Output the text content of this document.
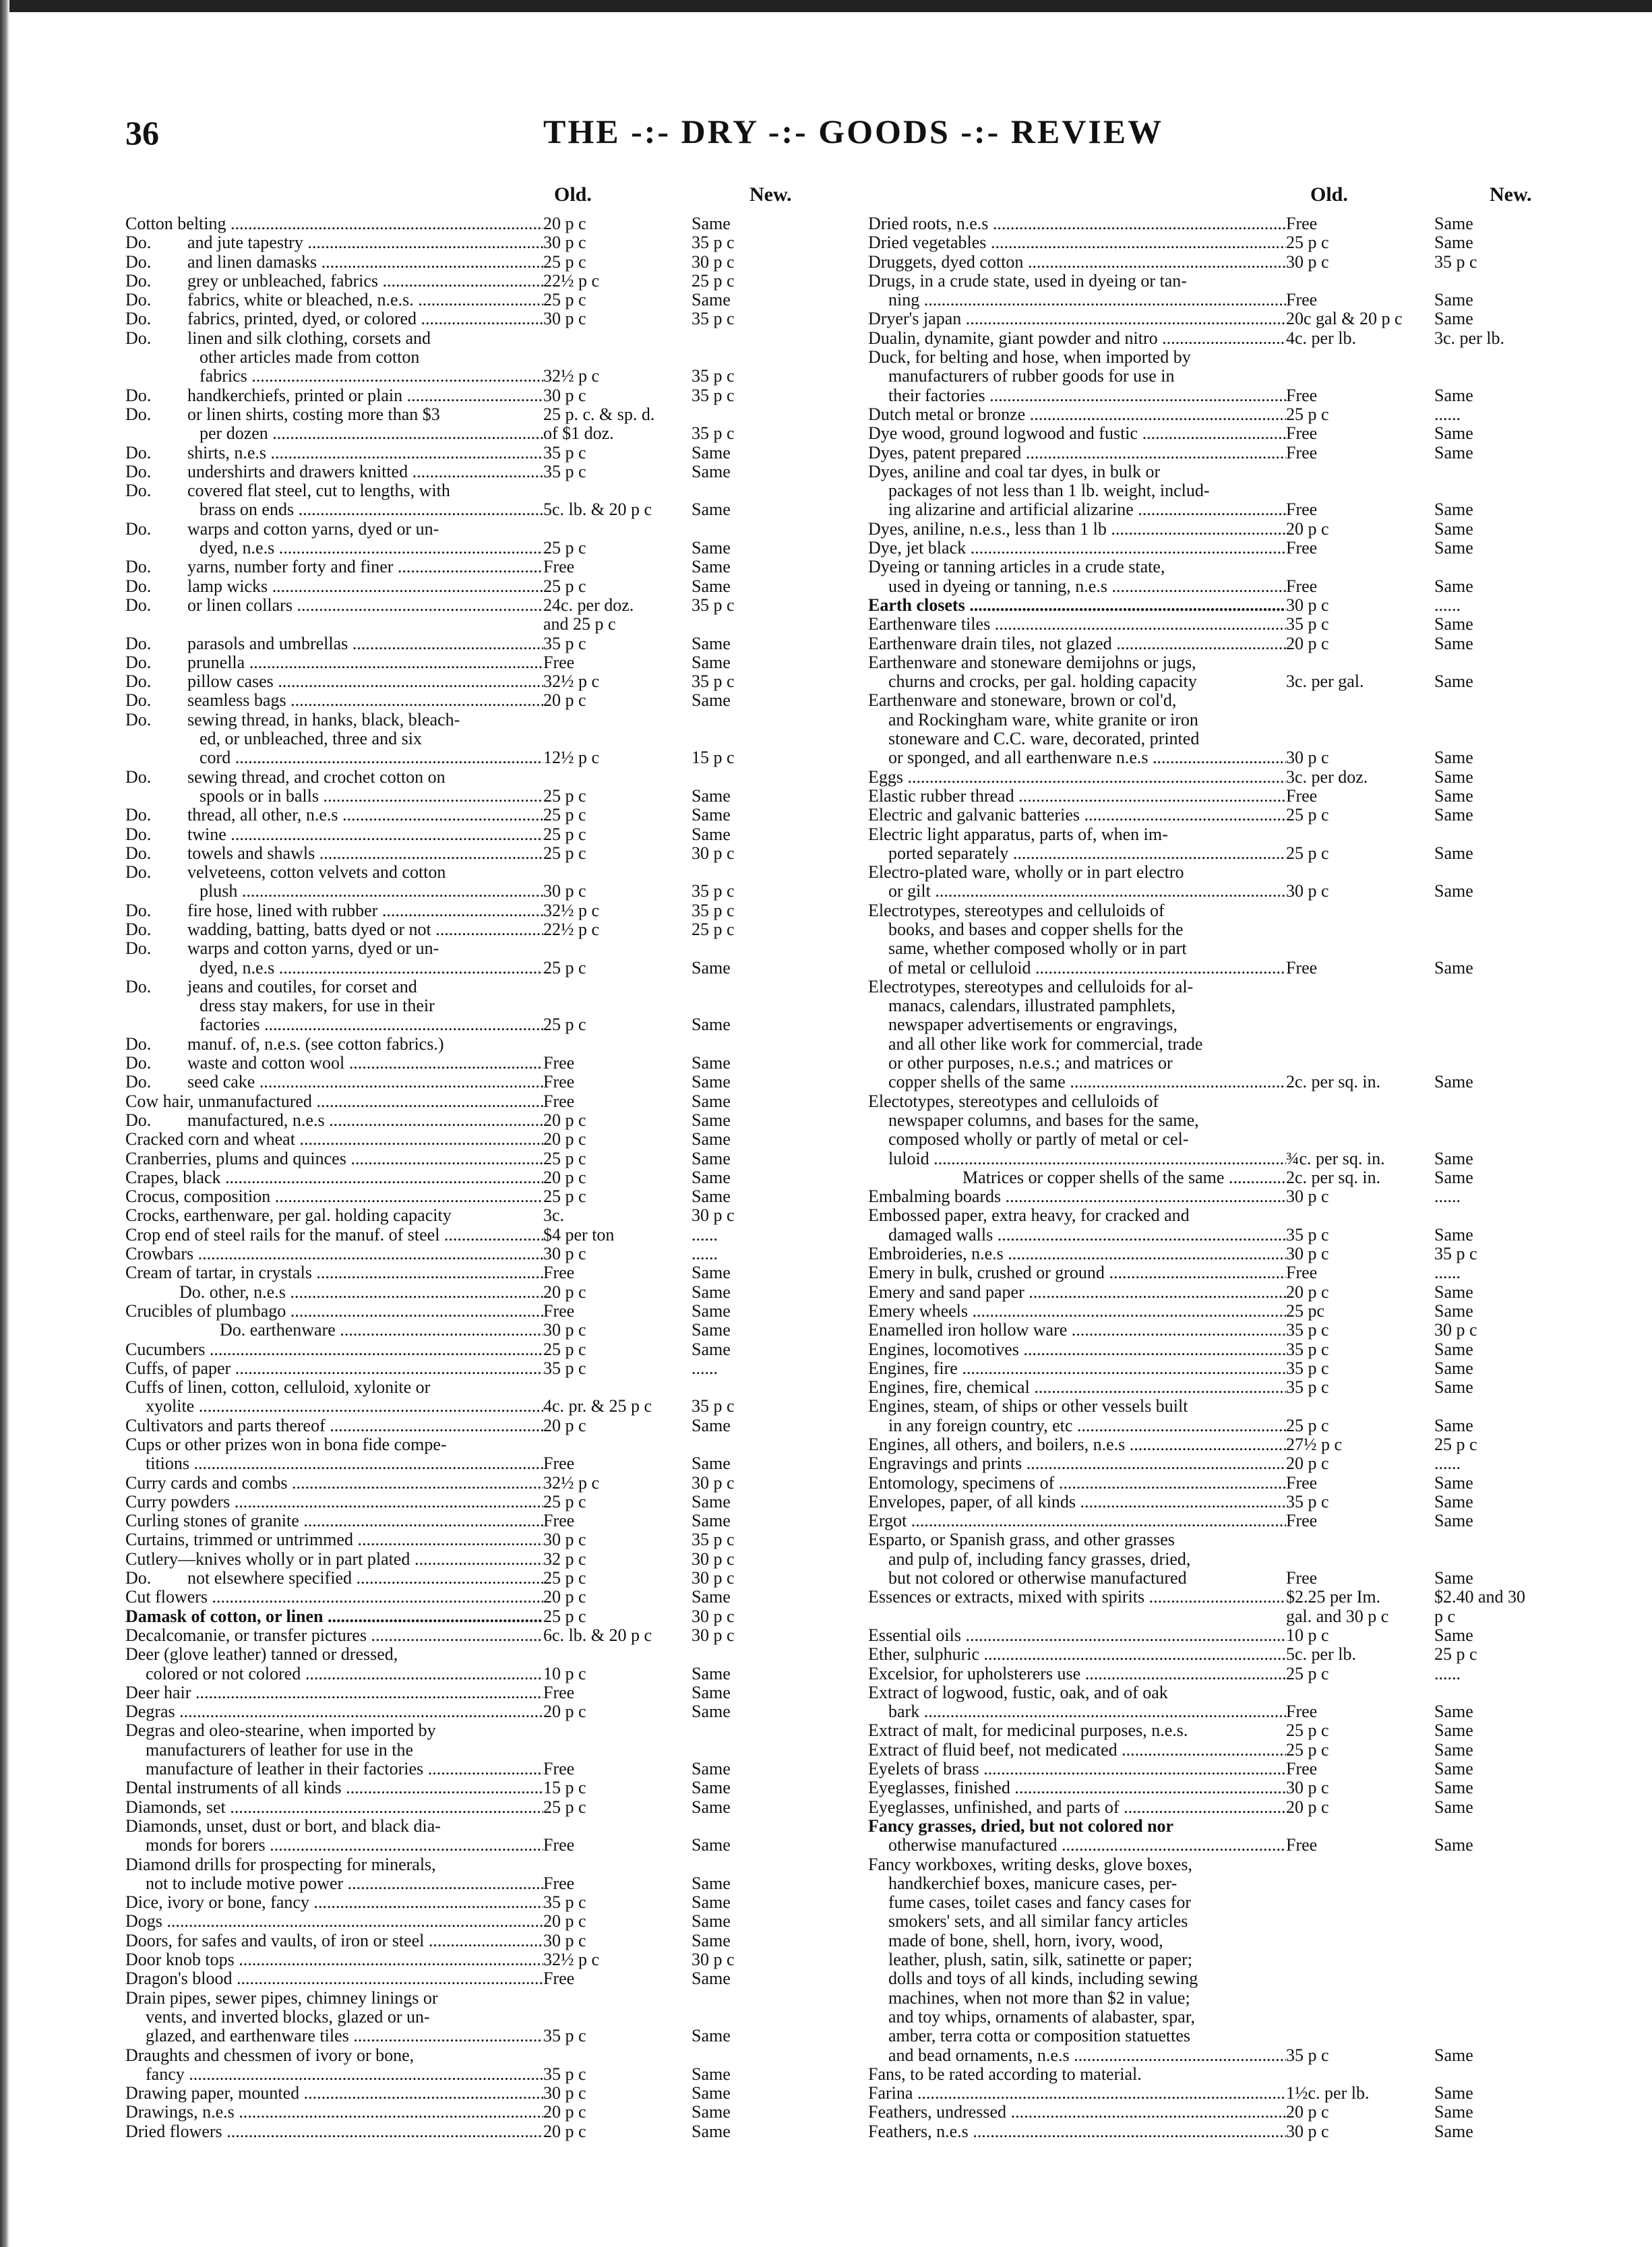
36	THE -:- DRY -:- GOODS -:- REVIEW
Old.	New.	Old.	New.
Cotton belting .....	20 p c	Same
Do. and jute tapestry .....	30 p c	35 p c
Do. and linen damasks .....	25 p c	30 p c
Do. grey or unbleached, fabrics .....	22½ p c	25 p c
Do. fabrics, white or bleached, n.e.s. .....	25 p c	Same
Do. fabrics, printed, dyed, or colored .....	30 p c	35 p c
Do. linen and silk clothing, corsets and
other articles made from cotton
fabrics .....	32½ p c	35 p c
Do. handkerchiefs, printed or plain .....	30 p c	35 p c
Do. or linen shirts, costing more than $3	25 p. c. & sp. d.
per dozen .....	of $1 doz.	35 p c
Do. shirts, n.e.s .....	35 p c	Same
Do. undershirts and drawers knitted .....	35 p c	Same
Do. covered flat steel, cut to lengths, with
brass on ends .....	5c. lb. & 20 p c	Same
Do. warps and cotton yarns, dyed or un-
dyed, n.e.s .....	25 p c	Same
Do. yarns, number forty and finer .....	Free	Same
Do. lamp wicks .....	25 p c	Same
Do. or linen collars .....	24c. per doz.	35 p c
and 25 p c
Do. parasols and umbrellas .....	35 p c	Same
Do. prunella .....	Free	Same
Do. pillow cases .....	32½ p c	35 p c
Do. seamless bags .....	20 p c	Same
Do. sewing thread, in hanks, black, bleach-
ed, or unbleached, three and six
cord .....	12½ p c	15 p c
Do. sewing thread, and crochet cotton on
spools or in balls .....	25 p c	Same
Do. thread, all other, n.e.s .....	25 p c	Same
Do. twine .....	25 p c	Same
Do. towels and shawls .....	25 p c	30 p c
Do. velveteens, cotton velvets and cotton
plush .....	30 p c	35 p c
Do. fire hose, lined with rubber .....	32½ p c	35 p c
Do. wadding, batting, batts dyed or not .....	22½ p c	25 p c
Do. warps and cotton yarns, dyed or un-
dyed, n.e.s .....	25 p c	Same
Do. jeans and coutiles, for corset and
dress stay makers, for use in their
factories .....	25 p c	Same
Do. manuf. of, n.e.s. (see cotton fabrics.)
Do. waste and cotton wool .....	Free	Same
Do. seed cake .....	Free	Same
Cow hair, unmanufactured .....	Free	Same
Do. manufactured, n.e.s .....	20 p c	Same
Cracked corn and wheat .....	20 p c	Same
Cranberries, plums and quinces .....	25 p c	Same
Crapes, black .....	20 p c	Same
Crocus, composition .....	25 p c	Same
Crocks, earthenware, per gal. holding capacity	3c.	30 p c
Crop end of steel rails for the manuf. of steel .....	$4 per ton	......
Crowbars .....	30 p c	......
Cream of tartar, in crystals .....	Free	Same
Do. other, n.e.s .....	20 p c	Same
Crucibles of plumbago .....	Free	Same
Do. earthenware .....	30 p c	Same
Cucumbers .....	25 p c	Same
Cuffs, of paper .....	35 p c	......
Cuffs of linen, cotton, celluloid, xylonite or
xyolite .....	4c. pr. & 25 p c	35 p c
Cultivators and parts thereof .....	20 p c	Same
Cups or other prizes won in bona fide compe-
titions .....	Free	Same
Curry cards and combs .....	32½ p c	30 p c
Curry powders .....	25 p c	Same
Curling stones of granite .....	Free	Same
Curtains, trimmed or untrimmed .....	30 p c	35 p c
Cutlery—knives wholly or in part plated .....	32 p c	30 p c
Do. not elsewhere specified .....	25 p c	30 p c
Cut flowers .....	20 p c	Same
Damask of cotton, or linen .....	25 p c	30 p c
Decalcomanie, or transfer pictures .....	6c. lb. & 20 p c	30 p c
Deer (glove leather) tanned or dressed,
colored or not colored .....	10 p c	Same
Deer hair .....	Free	Same
Degras .....	20 p c	Same
Degras and oleo-stearine, when imported by
manufacturers of leather for use in the
manufacture of leather in their factories .....	Free	Same
Dental instruments of all kinds .....	15 p c	Same
Diamonds, set .....	25 p c	Same
Diamonds, unset, dust or bort, and black dia-
monds for borers .....	Free	Same
Diamond drills for prospecting for minerals,
not to include motive power .....	Free	Same
Dice, ivory or bone, fancy .....	35 p c	Same
Dogs .....	20 p c	Same
Doors, for safes and vaults, of iron or steel .....	30 p c	Same
Door knob tops .....	32½ p c	30 p c
Dragon's blood .....	Free	Same
Drain pipes, sewer pipes, chimney linings or
vents, and inverted blocks, glazed or un-
glazed, and earthenware tiles .....	35 p c	Same
Draughts and chessmen of ivory or bone,
fancy .....	35 p c	Same
Drawing paper, mounted .....	30 p c	Same
Drawings, n.e.s .....	20 p c	Same
Dried flowers .....	20 p c	Same
Dried roots, n.e.s .....	Free	Same
Dried vegetables .....	25 p c	Same
Druggets, dyed cotton .....	30 p c	35 p c
Drugs, in a crude state, used in dyeing or tan-
ning .....	Free	Same
Dryer's japan .....	20c gal & 20 p c	Same
Dualin, dynamite, giant powder and nitro .....	4c. per lb.	3c. per lb.
Duck, for belting and hose, when imported by
manufacturers of rubber goods for use in
their factories .....	Free	Same
Dutch metal or bronze .....	25 p c	......
Dye wood, ground logwood and fustic .....	Free	Same
Dyes, patent prepared .....	Free	Same
Dyes, aniline and coal tar dyes, in bulk or
packages of not less than 1 lb. weight, includ-
ing alizarine and artificial alizarine .....	Free	Same
Dyes, aniline, n.e.s., less than 1 lb .....	20 p c	Same
Dye, jet black .....	Free	Same
Dyeing or tanning articles in a crude state,
used in dyeing or tanning, n.e.s .....	Free	Same
Earth closets .....	30 p c	......
Earthenware tiles .....	35 p c	Same
Earthenware drain tiles, not glazed .....	20 p c	Same
Earthenware and stoneware demijohns or jugs,
churns and crocks, per gal. holding capacity	3c. per gal.	Same
Earthenware and stoneware, brown or col'd,
and Rockingham ware, white granite or iron
stoneware and C.C. ware, decorated, printed
or sponged, and all earthenware n.e.s .....	30 p c	Same
Eggs .....	3c. per doz.	Same
Elastic rubber thread .....	Free	Same
Electric and galvanic batteries .....	25 p c	Same
Electric light apparatus, parts of, when im-
ported separately .....	25 p c	Same
Electro-plated ware, wholly or in part electro
or gilt .....	30 p c	Same
Electrotypes, stereotypes and celluloids of
books, and bases and copper shells for the
same, whether composed wholly or in part
of metal or celluloid .....	Free	Same
Electrotypes, stereotypes and celluloids for al-
manacs, calendars, illustrated pamphlets,
newspaper advertisements or engravings,
and all other like work for commercial, trade
or other purposes, n.e.s.; and matrices or
copper shells of the same .....	2c. per sq. in.	Same
Electotypes, stereotypes and celluloids of
newspaper columns, and bases for the same,
composed wholly or partly of metal or cel-
luloid .....	¾c. per sq. in.	Same
Matrices or copper shells of the same .....	2c. per sq. in.	Same
Embalming boards .....	30 p c	......
Embossed paper, extra heavy, for cracked and
damaged walls .....	35 p c	Same
Embroideries, n.e.s .....	30 p c	35 p c
Emery in bulk, crushed or ground .....	Free	......
Emery and sand paper .....	20 p c	Same
Emery wheels .....	25 pc	Same
Enamelled iron hollow ware .....	35 p c	30 p c
Engines, locomotives .....	35 p c	Same
Engines, fire .....	35 p c	Same
Engines, fire, chemical .....	35 p c	Same
Engines, steam, of ships or other vessels built
in any foreign country, etc .....	25 p c	Same
Engines, all others, and boilers, n.e.s .....	27½ p c	25 p c
Engravings and prints .....	20 p c	......
Entomology, specimens of .....	Free	Same
Envelopes, paper, of all kinds .....	35 p c	Same
Ergot .....	Free	Same
Esparto, or Spanish grass, and other grasses
and pulp of, including fancy grasses, dried,
but not colored or otherwise manufactured	Free	Same
Essences or extracts, mixed with spirits .....	$2.25 per Im.	$2.40 and 30
gal. and 30 p c	p c
Essential oils .....	10 p c	Same
Ether, sulphuric .....	5c. per lb.	25 p c
Excelsior, for upholsterers use .....	25 p c	......
Extract of logwood, fustic, oak, and of oak
bark .....	Free	Same
Extract of malt, for medicinal purposes, n.e.s.	25 p c	Same
Extract of fluid beef, not medicated .....	25 p c	Same
Eyelets of brass .....	Free	Same
Eyeglasses, finished .....	30 p c	Same
Eyeglasses, unfinished, and parts of .....	20 p c	Same
Fancy grasses, dried, but not colored nor
otherwise manufactured .....	Free	Same
Fancy workboxes, writing desks, glove boxes,
handkerchief boxes, manicure cases, per-
fume cases, toilet cases and fancy cases for
smokers' sets, and all similar fancy articles
made of bone, shell, horn, ivory, wood,
leather, plush, satin, silk, satinette or paper;
dolls and toys of all kinds, including sewing
machines, when not more than $2 in value;
and toy whips, ornaments of alabaster, spar,
amber, terra cotta or composition statuettes
and bead ornaments, n.e.s .....	35 p c	Same
Fans, to be rated according to material.
Farina .....	1½c. per lb.	Same
Feathers, undressed .....	20 p c	Same
Feathers, n.e.s .....	30 p c	Same
